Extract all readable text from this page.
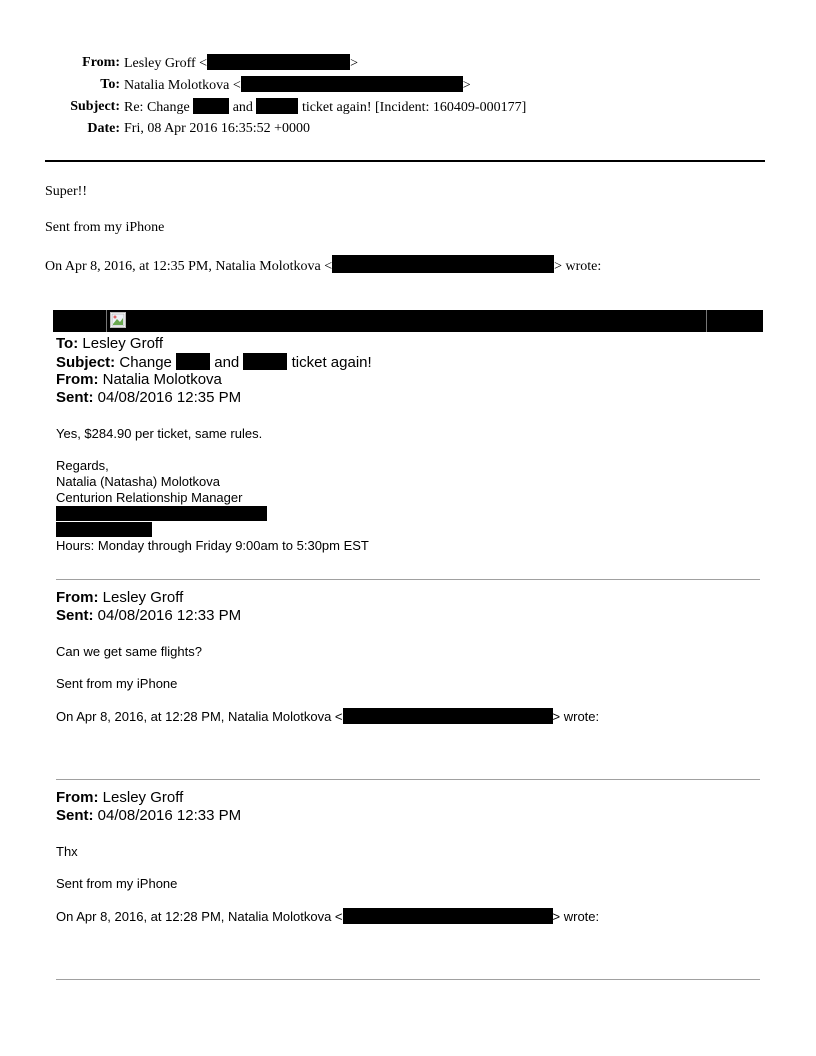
From: Lesley Groff <	>
To: Natalia Molotkova <	>
Subject: Re: Change	and	ticket again! [Incident: 160409-000177]
Date: Fri, 08 Apr 2016 16:35:52 +0000
Super!!
Sent from my iPhone
On Apr 8, 2016, at 12:35 PM, Natalia Molotkova <	> wrote:
To: Lesley Groff
Subject: Change	and	ticket again!
From: Natalia Molotkova
Sent: 04/08/2016 12:35 PM
Yes, $284.90 per ticket, same rules.
Regards,
Natalia (Natasha) Molotkova
Centurion Relationship Manager
Hours: Monday through Friday 9:00am to 5:30pm EST
From: Lesley Groff
Sent: 04/08/2016 12:33 PM
Can we get same flights?
Sent from my iPhone
On Apr 8, 2016, at 12:28 PM, Natalia Molotkova <	> wrote:
From: Lesley Groff
Sent: 04/08/2016 12:33 PM
Thx
Sent from my iPhone
On Apr 8, 2016, at 12:28 PM, Natalia Molotkova <	> wrote:
